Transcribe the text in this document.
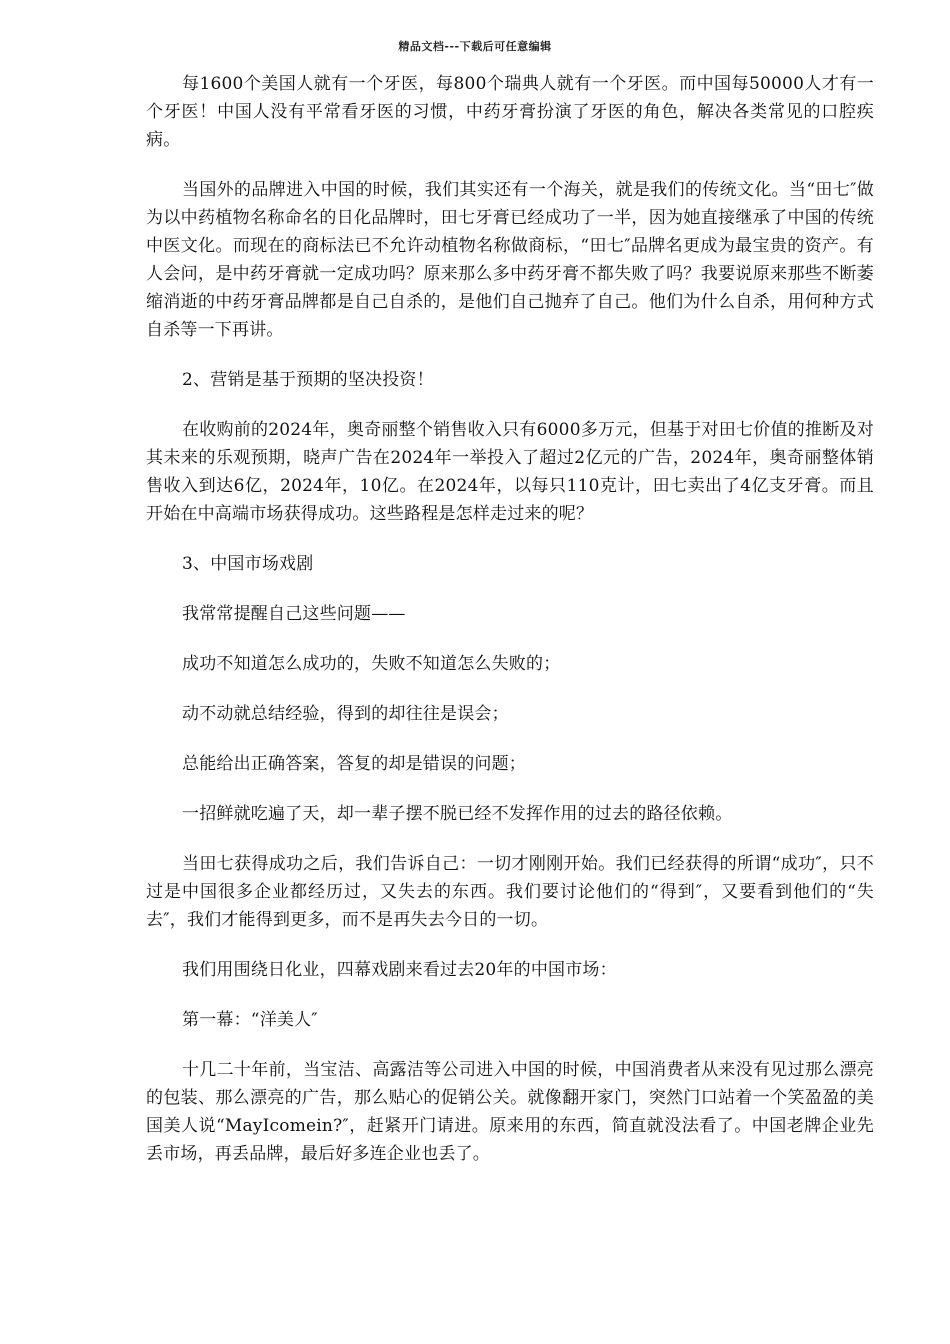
精品文档---下载后可任意编辑

每1600个美国人就有一个牙医，每800个瑞典人就有一个牙医。而中国每50000人才有一个牙医！中国人没有平常看牙医的习惯，中药牙膏扮演了牙医的角色，解决各类常见的口腔疾病。

当国外的品牌进入中国的时候，我们其实还有一个海关，就是我们的传统文化。当“田七″做为以中药植物名称命名的日化品牌时，田七牙膏已经成功了一半，因为她直接继承了中国的传统中医文化。而现在的商标法已不允许动植物名称做商标，“田七″品牌名更成为最宝贵的资产。有人会问，是中药牙膏就一定成功吗？原来那么多中药牙膏不都失败了吗？我要说原来那些不断萎缩消逝的中药牙膏品牌都是自己自杀的，是他们自己抛弃了自己。他们为什么自杀，用何种方式自杀等一下再讲。

2、营销是基于预期的坚决投资！

在收购前的2024年，奥奇丽整个销售收入只有6000多万元，但基于对田七价值的推断及对其未来的乐观预期，晓声广告在2024年一举投入了超过2亿元的广告，2024年，奥奇丽整体销售收入到达6亿，2024年，10亿。在2024年，以每只110克计，田七卖出了4亿支牙膏。而且开始在中高端市场获得成功。这些路程是怎样走过来的呢？

3、中国市场戏剧

我常常提醒自己这些问题——

成功不知道怎么成功的，失败不知道怎么失败的；

动不动就总结经验，得到的却往往是误会；

总能给出正确答案，答复的却是错误的问题；

一招鲜就吃遍了天，却一辈子摆不脱已经不发挥作用的过去的路径依赖。

当田七获得成功之后，我们告诉自己：一切才刚刚开始。我们已经获得的所谓“成功″，只不过是中国很多企业都经历过，又失去的东西。我们要讨论他们的“得到″，又要看到他们的“失去″，我们才能得到更多，而不是再失去今日的一切。

我们用围绕日化业，四幕戏剧来看过去20年的中国市场：

第一幕：“洋美人″

十几二十年前，当宝洁、高露洁等公司进入中国的时候，中国消费者从来没有见过那么漂亮的包装、那么漂亮的广告，那么贴心的促销公关。就像翻开家门，突然门口站着一个笑盈盈的美国美人说“MayIcomein?″，赶紧开门请进。原来用的东西，简直就没法看了。中国老牌企业先丢市场，再丢品牌，最后好多连企业也丢了。
